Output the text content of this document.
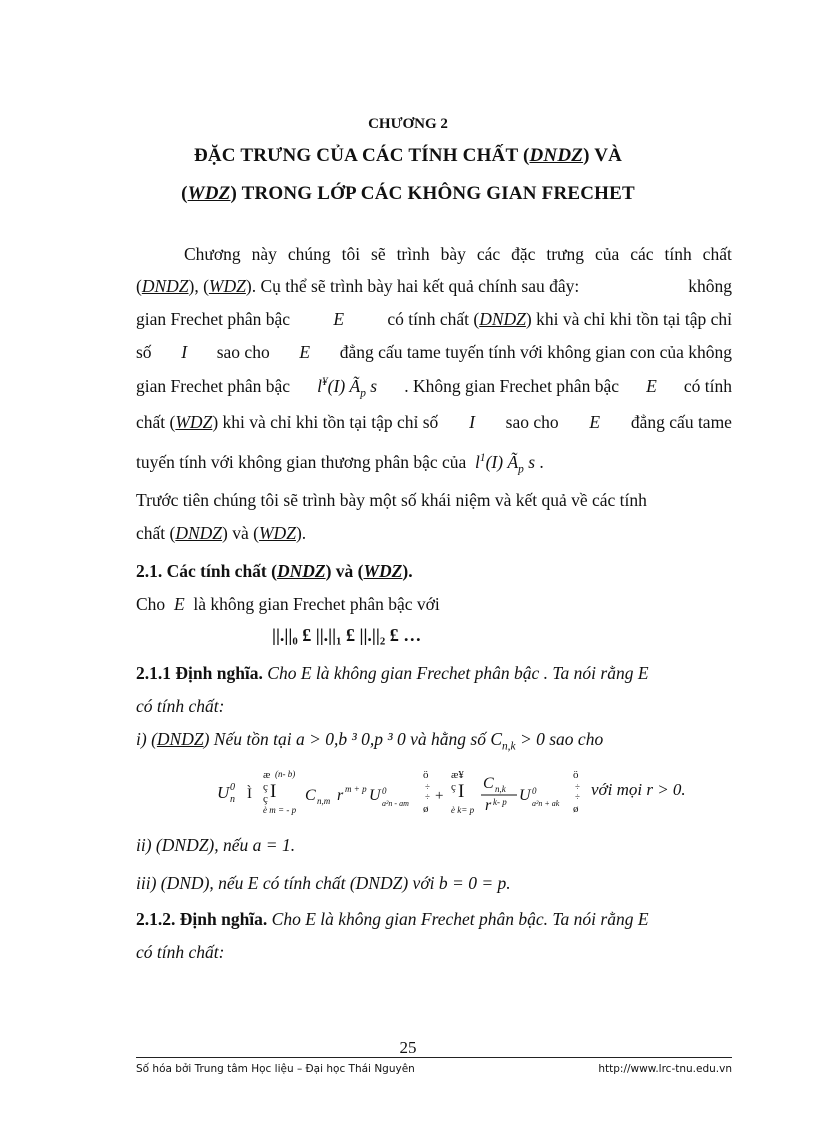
CHƯƠNG 2
ĐẶC TRƯNG CỦA CÁC TÍNH CHẤT (DNDZ) VÀ
(WDZ) TRONG LỚP CÁC KHÔNG GIAN FRECHET
Chương này chúng tôi sẽ trình bày các đặc trưng của các tính chất
(DNDZ), (WDZ). Cụ thể sẽ trình bày hai kết quả chính sau đây:	không
gian Frechet phân bậc E có tính chất (DNDZ) khi và chỉ khi tồn tại tập chỉ
số I sao cho E đẳng cấu tame tuyến tính với không gian con của không
gian Frechet phân bậc l¥(I) $Ã_p$ s . Không gian Frechet phân bậc E có tính
chất (WDZ) khi và chỉ khi tồn tại tập chỉ số I sao cho E đẳng cấu tame
tuyến tính với không gian thương phân bậc của $l^1(I)$ $Ã_p$ s .
Trước tiên chúng tôi sẽ trình bày một số khái niệm và kết quả về các tính
chất (DNDZ) và (WDZ).
2.1. Các tính chất (DNDZ) và (WDZ).
Cho E là không gian Frechet phân bậc với
||.||₀ £ ||.||₁ £ ||.||₂ £ …
2.1.1 Định nghĩa. Cho E là không gian Frechet phân bậc . Ta nói rằng E
có tính chất:
i) (DNDZ) Nếu tồn tại a > 0,b ³ 0,p ³ 0 và hằng số $C_{n,k} > 0$ sao cho
U 0
n Ì
æ (n- b)
ç I
ç
è m = - p
C n,m r m + p U 0
a²n - am
ö
÷
÷
ø
+
æ¥
ç I
è k= p
C n,k
r k- p U 0
a²n + ak
ö
÷
÷
ø
với mọi r > 0.
ii) (DNDZ), nếu a = 1.
iii) (DND), nếu E có tính chất (DNDZ) với b = 0 = p.
2.1.2. Định nghĩa. Cho E là không gian Frechet phân bậc. Ta nói rằng E
có tính chất:
25
Số hóa bởi Trung tâm Học liệu – Đại học Thái Nguyên	http://www.lrc-tnu.edu.vn
